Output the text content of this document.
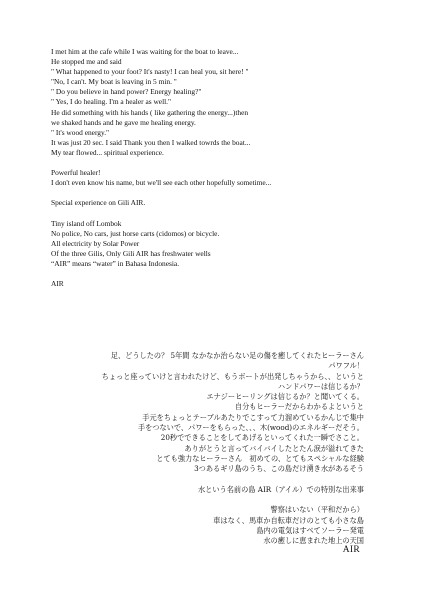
I met him at the cafe while I was waiting for the boat to leave...
He stopped me and said
" What happened to your foot? It's nasty! I can heal you, sit here! "
"No, I can't. My boat is leaving in 5 min. "
" Do you believe in hand power? Energy healing?"
" Yes, I do healing. I'm a healer as well."
He did something with his hands ( like gathering the energy...)then
we shaked hands and he gave me healing energy.
" It's wood energy."
It was just 20 sec. I said Thank you then I walked towrds the boat...
My tear flowed... spiritual experience.
Powerful healer!
I don't even know his name, but we'll see each other hopefully sometime...
Special experience on Gili AIR.
Tiny island off Lombok
No police, No cars, just horse carts (cidomos) or bicycle.
All electricity by Solar Power
Of the three Gilis, Only Gili AIR has freshwater wells
“AIR” means “water” in Bahasa Indonesia.
AIR
足、どうしたの？ 5年間 なかなか治らない足の傷を癒してくれたヒーラーさん
パワフル！
ちょっと座っていけと言われたけど、もうボートが出発しちゃうから、、というと
ハンドパワーは信じるか？
エナジーヒーリングは信じるか？と聞いてくる。
自分もヒーラーだからわかるよというと
手元をちょっとテーブルあたりでこすって力溜めているかんじで集中
手をつないで、パワーをもらった、、、木(wood)のエネルギーだそう。
20秒でできることをしてあげるといってくれた一瞬でさこと。
ありがとうと言ってバイバイしたとたん涙が溢れてきた
とても強力なヒーラーさん　初めての、とてもスペシャルな経験
3つあるギリ島のうち、この島だけ湧き水があるそう
水という名前の島 AIR（アイル）での特別な出来事
警察はいない（平和だから）
車はなく、馬車か自転車だけのとても小さな島
島内の電気はすべてソーラー発電
水の癒しに恵まれた地上の天国
AIR
